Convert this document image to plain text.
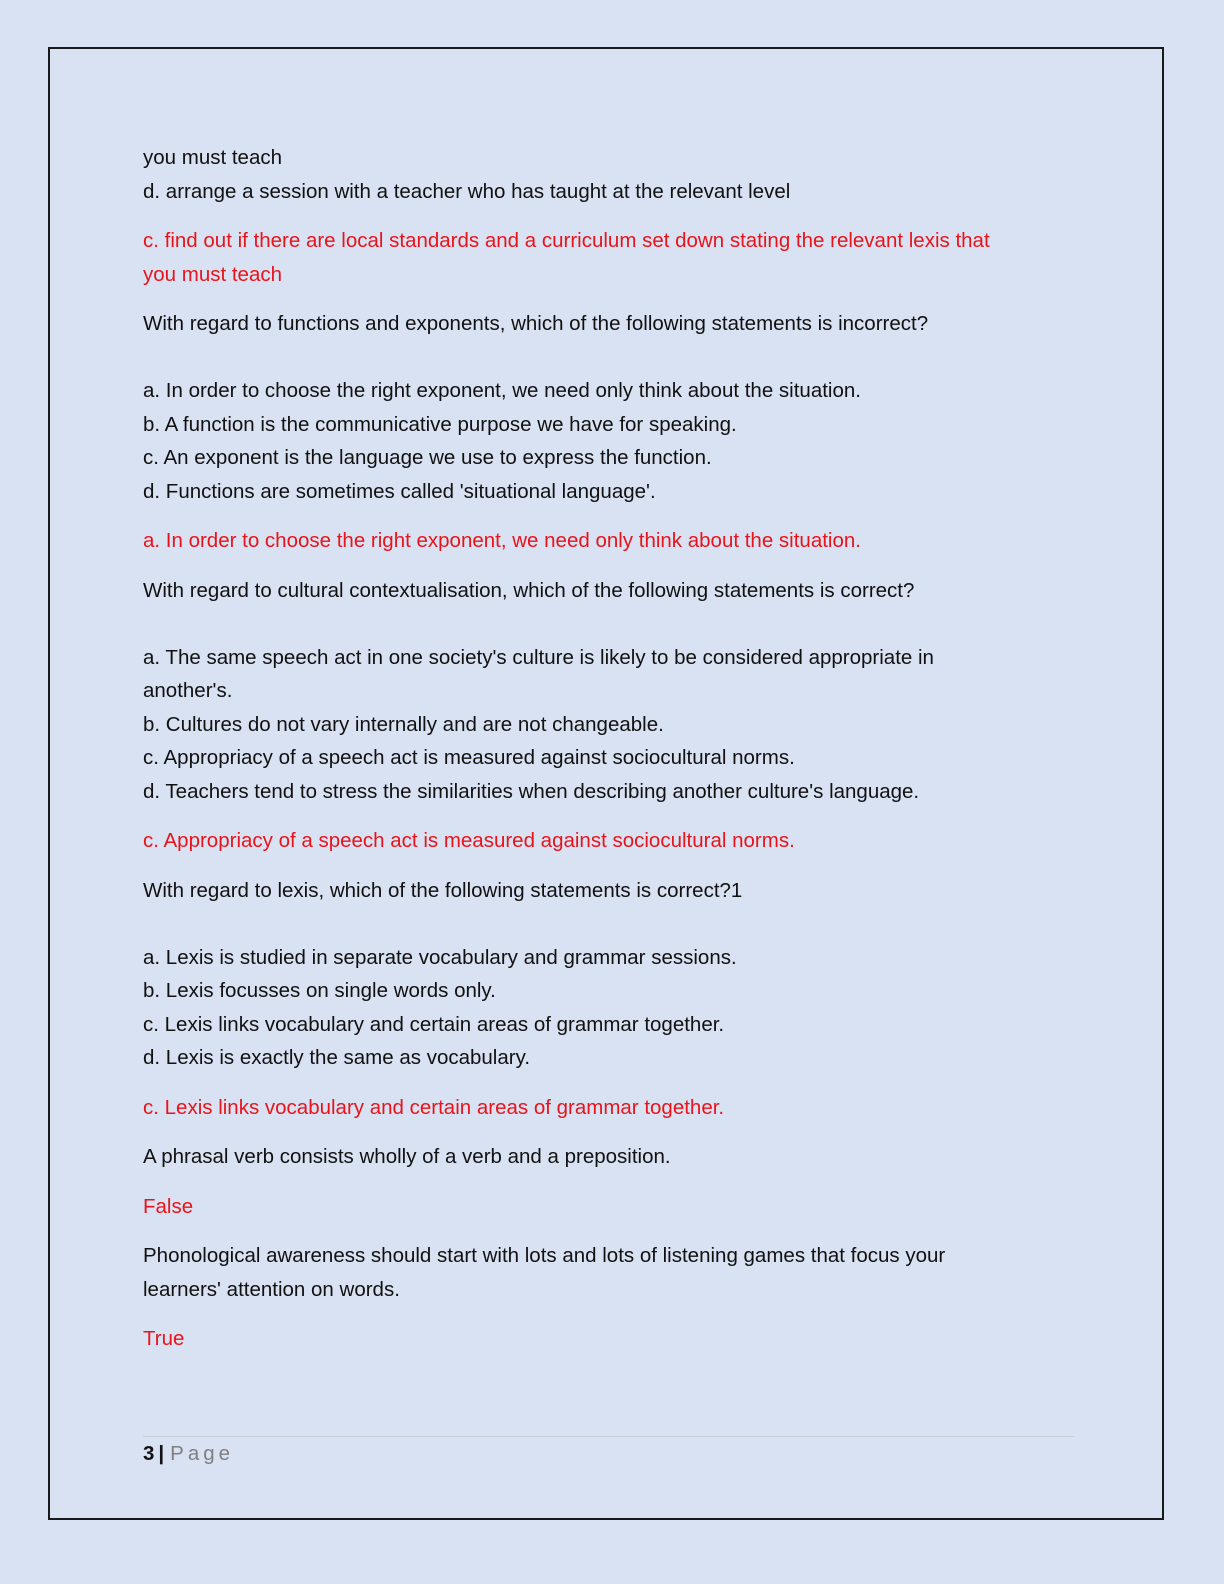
you must teach

d. arrange a session with a teacher who has taught at the relevant level

c. find out if there are local standards and a curriculum set down stating the relevant lexis that

you must teach

With regard to functions and exponents, which of the following statements is incorrect?

a. In order to choose the right exponent, we need only think about the situation.

b. A function is the communicative purpose we have for speaking.

c. An exponent is the language we use to express the function.

d. Functions are sometimes called 'situational language'.

a. In order to choose the right exponent, we need only think about the situation.

With regard to cultural contextualisation, which of the following statements is correct?

a. The same speech act in one society's culture is likely to be considered appropriate in

another's.

b. Cultures do not vary internally and are not changeable.

c. Appropriacy of a speech act is measured against sociocultural norms.

d. Teachers tend to stress the similarities when describing another culture's language.

c. Appropriacy of a speech act is measured against sociocultural norms.

With regard to lexis, which of the following statements is correct?1

a. Lexis is studied in separate vocabulary and grammar sessions.

b. Lexis focusses on single words only.

c. Lexis links vocabulary and certain areas of grammar together.

d. Lexis is exactly the same as vocabulary.

c. Lexis links vocabulary and certain areas of grammar together.

A phrasal verb consists wholly of a verb and a preposition.

False

Phonological awareness should start with lots and lots of listening games that focus your

learners' attention on words.

True

3 | Page
